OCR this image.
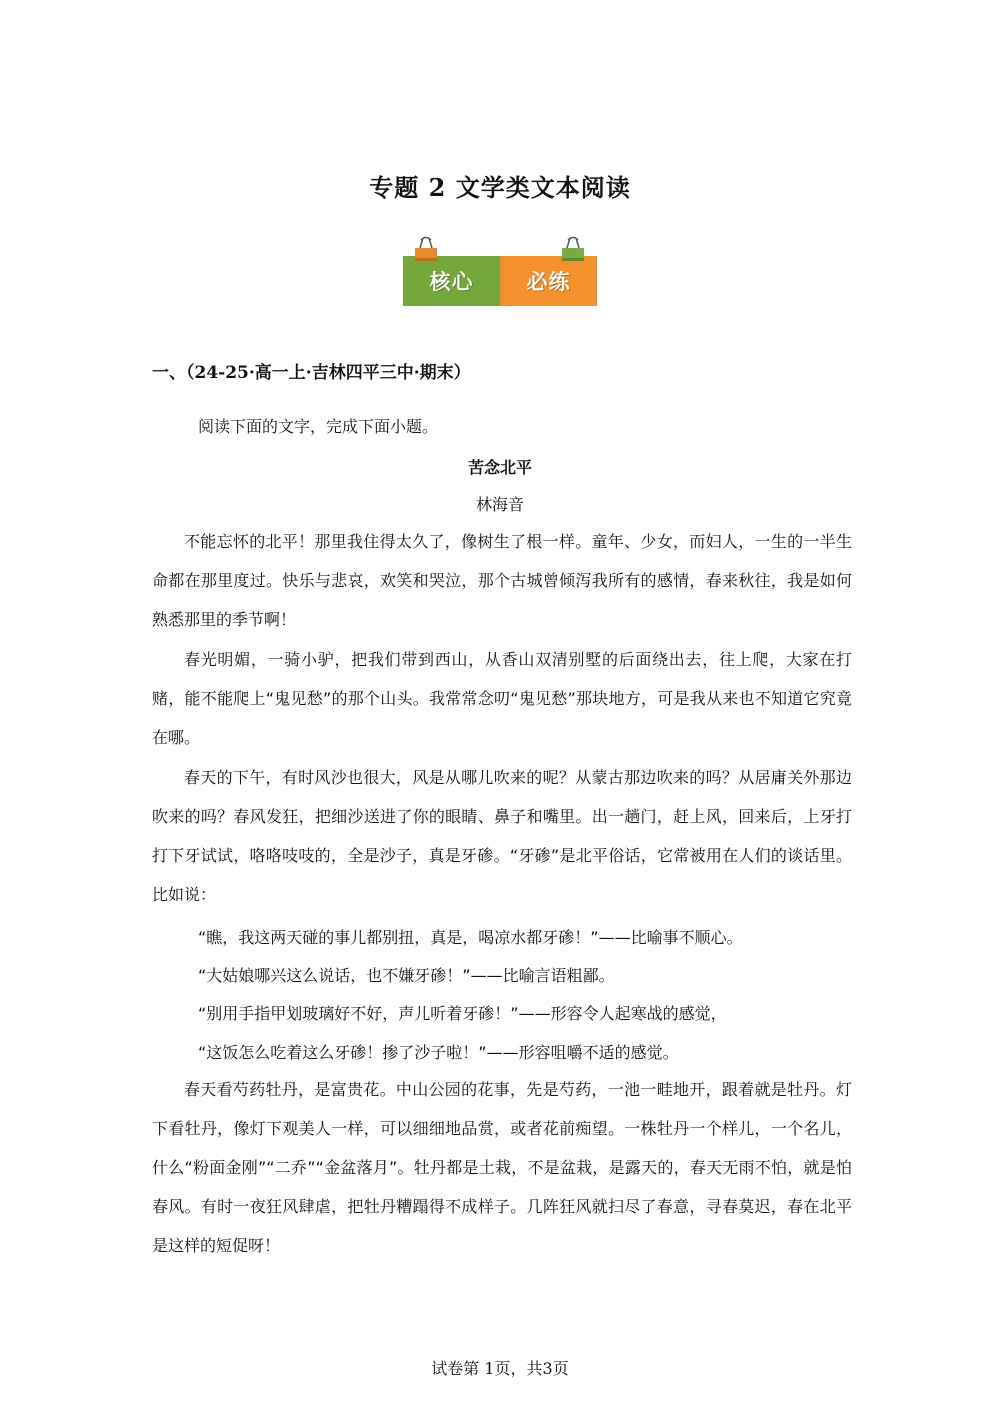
专题 2 文学类文本阅读
核心	必练
一、（24-25·高一上·吉林四平三中·期末）
阅读下面的文字，完成下面小题。
苦念北平
林海音

不能忘怀的北平！那里我住得太久了，像树生了根一样。童年、少女，而妇人，一生的一半生命都在那里度过。快乐与悲哀，欢笑和哭泣，那个古城曾倾泻我所有的感情，春来秋往，我是如何熟悉那里的季节啊！

春光明媚，一骑小驴，把我们带到西山，从香山双清别墅的后面绕出去，往上爬，大家在打赌，能不能爬上“鬼见愁”的那个山头。我常常念叨“鬼见愁”那块地方，可是我从来也不知道它究竟在哪。

春天的下午，有时风沙也很大，风是从哪儿吹来的呢？从蒙古那边吹来的吗？从居庸关外那边吹来的吗？春风发狂，把细沙送进了你的眼睛、鼻子和嘴里。出一趟门，赶上风，回来后，上牙打打下牙试试，咯咯吱吱的，全是沙子，真是牙碜。“牙碜”是北平俗话，它常被用在人们的谈话里。比如说：

“瞧，我这两天碰的事儿都别扭，真是，喝凉水都牙碜！”——比喻事不顺心。
“大姑娘哪兴这么说话，也不嫌牙碜！”——比喻言语粗鄙。
“别用手指甲划玻璃好不好，声儿听着牙碜！”——形容令人起寒战的感觉，
“这饭怎么吃着这么牙碜！掺了沙子啦！”——形容咀嚼不适的感觉。

春天看芍药牡丹，是富贵花。中山公园的花事，先是芍药，一池一畦地开，跟着就是牡丹。灯下看牡丹，像灯下观美人一样，可以细细地品赏，或者花前痴望。一株牡丹一个样儿，一个名儿，什么“粉面金刚”“二乔”“金盆落月”。牡丹都是土栽，不是盆栽，是露天的，春天无雨不怕，就是怕春风。有时一夜狂风肆虐，把牡丹糟蹋得不成样子。几阵狂风就扫尽了春意，寻春莫迟，春在北平是这样的短促呀！

试卷第 1页，共3页
